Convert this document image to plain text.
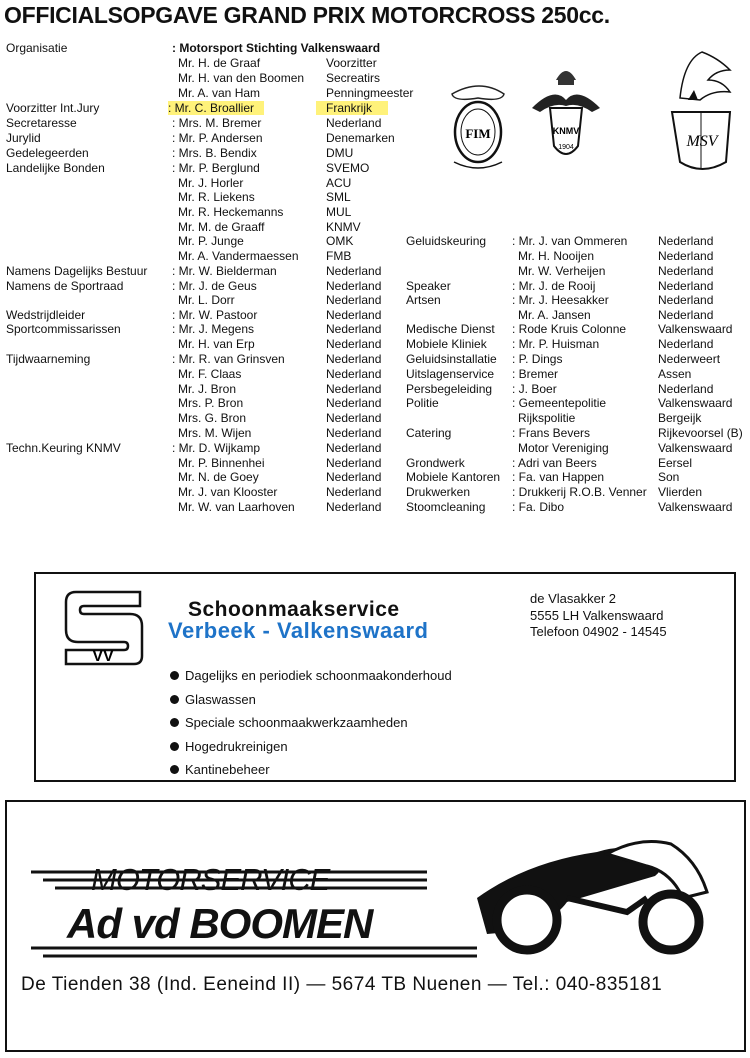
OFFICIALSOPGAVE GRAND PRIX MOTORCROSS 250cc.
Organisatie
Voorzitter Int.Jury
Secretaresse
Jurylid
Gedelegeerden
Landelijke Bonden
Namens Dagelijks Bestuur
Namens de Sportraad
Wedstrijdleider
Sportcommissarissen
Tijdwaarneming
Techn.Keuring KNMV
: Motorsport Stichting Valkenswaard
Mr. H. de Graaf
Mr. H. van den Boomen
Mr. A. van Ham
: Mr. C. Broallier
: Mrs. M. Bremer
: Mr. P. Andersen
: Mrs. B. Bendix
: Mr. P. Berglund
Mr. J. Horler
Mr. R. Liekens
Mr. R. Heckemanns
Mr. M. de Graaff
Mr. P. Junge
Mr. A. Vandermaessen
: Mr. W. Bielderman
: Mr. J. de Geus
Mr. L. Dorr
: Mr. W. Pastoor
: Mr. J. Megens
Mr. H. van Erp
: Mr. R. van Grinsven
Mr. F. Claas
Mr. J. Bron
Mrs. P. Bron
Mrs. G. Bron
Mrs. M. Wijen
: Mr. D. Wijkamp
Mr. P. Binnenhei
Mr. N. de Goey
Mr. J. van Klooster
Mr. W. van Laarhoven
Voorzitter
Secreatirs
Penningmeester
Frankrijk
Nederland
Denemarken
DMU
SVEMO
ACU
SML
MUL
KNMV
OMK
FMB
Nederland
Nederland
Nederland
Nederland
Nederland
Nederland
Nederland
Nederland
Nederland
Nederland
Nederland
Nederland
Nederland
Nederland
Nederland
Nederland
Nederland
Geluidskeuring
Speaker
Artsen
Medische Dienst
Mobiele Kliniek
Geluidsinstallatie
Uitslagenservice
Persbegeleiding
Politie
Catering
Grondwerk
Mobiele Kantoren
Drukwerken
Stoomcleaning
: Mr. J. van Ommeren
Mr. H. Nooijen
Mr. W. Verheijen
: Mr. J. de Rooij
: Mr. J. Heesakker
Mr. A. Jansen
: Rode Kruis Colonne
: Mr. P. Huisman
: P. Dings
: Bremer
: J. Boer
: Gemeentepolitie
Rijkspolitie
: Frans Bevers
Motor Vereniging
: Adri van Beers
: Fa. van Happen
: Drukkerij R.O.B. Venner
: Fa. Dibo
Nederland
Nederland
Nederland
Nederland
Nederland
Nederland
Valkenswaard
Nederland
Nederweert
Assen
Nederland
Valkenswaard
Bergeijk
Rijkevoorsel (B)
Valkenswaard
Eersel
Son
Vlierden
Valkenswaard
FIM	KNMV
1904	MSV
VV
Schoonmaakservice
Verbeek - Valkenswaard
de Vlasakker 2
5555 LH Valkenswaard
Telefoon 04902 - 14545
Dagelijks en periodiek schoonmaakonderhoud
Glaswassen
Speciale schoonmaakwerkzaamheden
Hogedrukreinigen
Kantinebeheer
MOTORSERVICE
Ad vd BOOMEN
De Tienden 38 (Ind. Eeneind II) — 5674 TB Nuenen — Tel.: 040-835181
